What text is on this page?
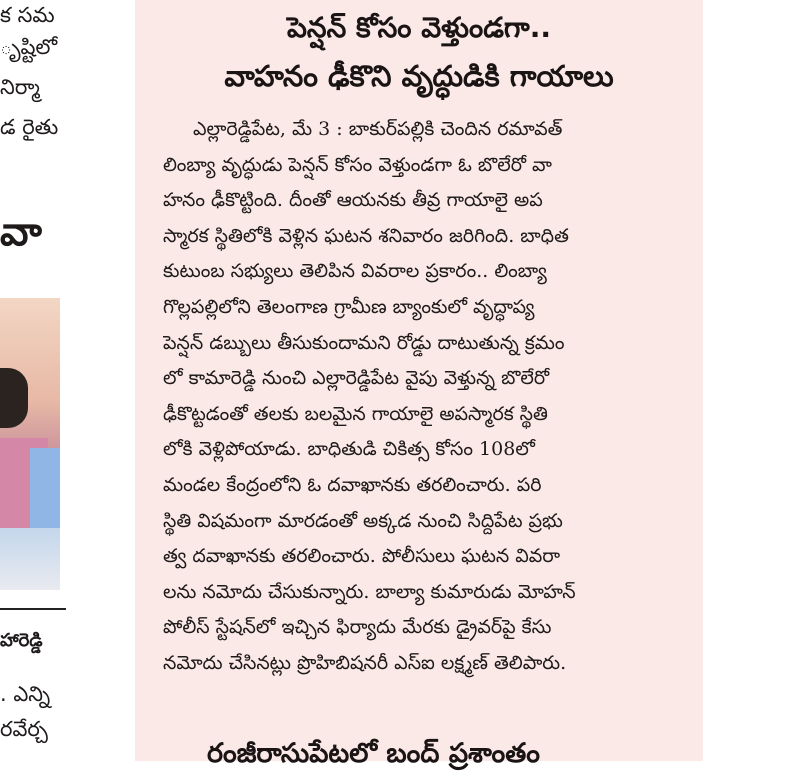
క సమ
ృష్టిలో
నిర్మా
డ రైతు
వా
హారెడ్డి
. ఎన్ని
రవేర్చ
పెన్షన్ కోసం వెళ్తుండగా..
వాహనం ఢీకొని వృద్ధుడికి గాయాలు
ఎల్లారెడ్డిపేట, మే 3 : బాకుర్‌పల్లికి చెందిన రమావత్
లింబ్యా వృద్ధుడు పెన్షన్ కోసం వెళ్తుండగా ఓ బొలేరో వా
హనం ఢీకొట్టింది. దీంతో ఆయనకు తీవ్ర గాయాలై అప
స్మారక స్థితిలోకి వెళ్లిన ఘటన శనివారం జరిగింది. బాధిత
కుటుంబ సభ్యులు తెలిపిన వివరాల ప్రకారం.. లింబ్యా
గొల్లపల్లిలోని తెలంగాణ గ్రామీణ బ్యాంకులో వృద్ధాప్య
పెన్షన్ డబ్బులు తీసుకుందామని రోడ్డు దాటుతున్న క్రమం
లో కామారెడ్డి నుంచి ఎల్లారెడ్డిపేట వైపు వెళ్తున్న బొలేరో
ఢీకొట్టడంతో తలకు బలమైన గాయాలై అపస్మారక స్థితి
లోకి వెళ్లిపోయాడు. బాధితుడి చికిత్స కోసం 108లో
మండల కేంద్రంలోని ఓ దవాఖానకు తరలించారు. పరి
స్థితి విషమంగా మారడంతో అక్కడ నుంచి సిద్దిపేట ప్రభు
త్వ దవాఖానకు తరలించారు. పోలీసులు ఘటన వివరా
లను నమోదు చేసుకున్నారు. బాల్యా కుమారుడు మోహన్
పోలీస్ స్టేషన్‌లో ఇచ్చిన ఫిర్యాదు మేరకు డ్రైవర్‌పై కేసు
నమోదు చేసినట్లు ప్రొహిబిషనరీ ఎస్ఐ లక్ష్మణ్ తెలిపారు.
రంజీరాసుపేటలో బంద్ ప్రశాంతం
